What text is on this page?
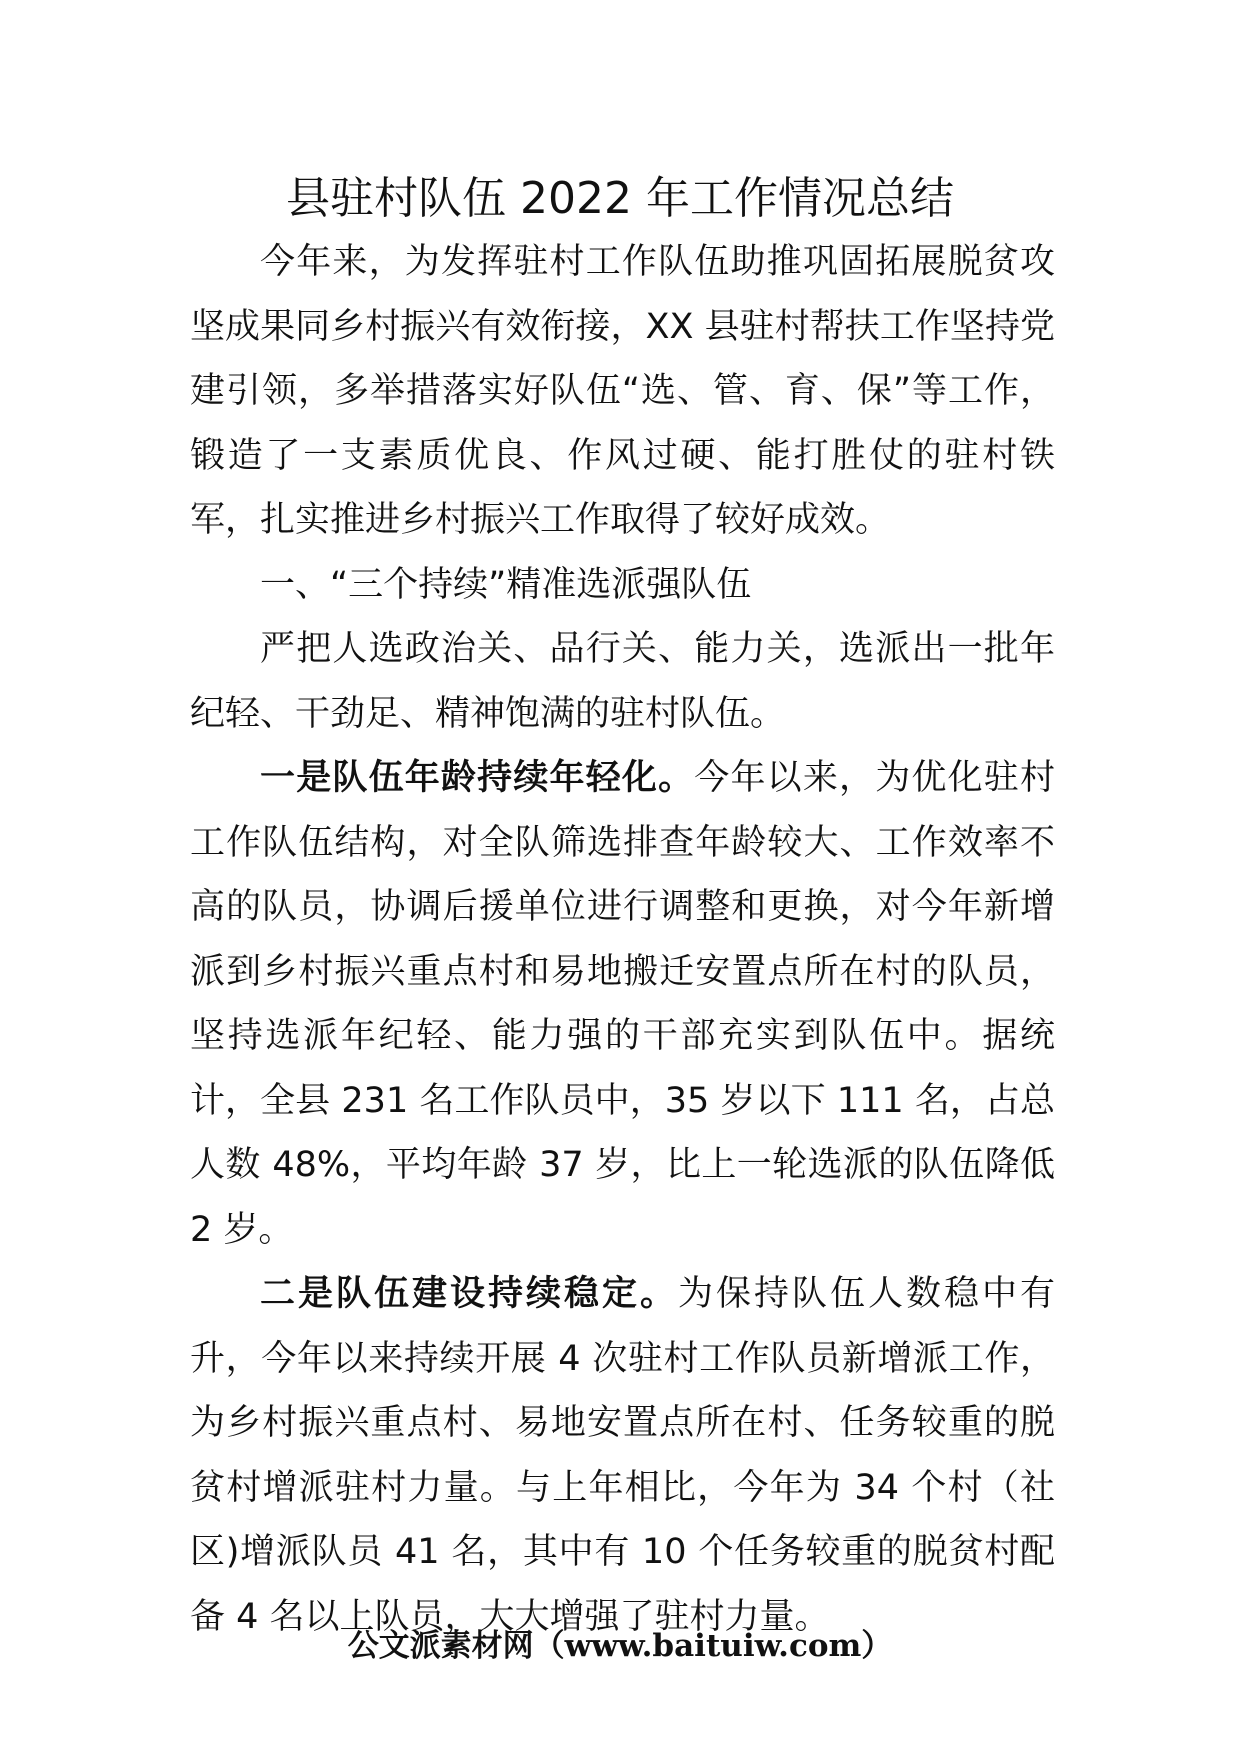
县驻村队伍 2022 年工作情况总结

今年来，为发挥驻村工作队伍助推巩固拓展脱贫攻坚成果同乡村振兴有效衔接，XX 县驻村帮扶工作坚持党建引领，多举措落实好队伍“选、管、育、保”等工作，锻造了一支素质优良、作风过硬、能打胜仗的驻村铁军，扎实推进乡村振兴工作取得了较好成效。

一、“三个持续”精准选派强队伍

严把人选政治关、品行关、能力关，选派出一批年纪轻、干劲足、精神饱满的驻村队伍。

一是队伍年龄持续年轻化。今年以来，为优化驻村工作队伍结构，对全队筛选排查年龄较大、工作效率不高的队员，协调后援单位进行调整和更换，对今年新增派到乡村振兴重点村和易地搬迁安置点所在村的队员，坚持选派年纪轻、能力强的干部充实到队伍中。据统计，全县 231 名工作队员中，35 岁以下 111 名，占总人数 48%，平均年龄 37 岁，比上一轮选派的队伍降低 2 岁。

二是队伍建设持续稳定。为保持队伍人数稳中有升，今年以来持续开展 4 次驻村工作队员新增派工作，为乡村振兴重点村、易地安置点所在村、任务较重的脱贫村增派驻村力量。与上年相比，今年为 34 个村（社区)增派队员 41 名，其中有 10 个任务较重的脱贫村配备 4 名以上队员，大大增强了驻村力量。

公文派素材网（www.baituiw.com）
